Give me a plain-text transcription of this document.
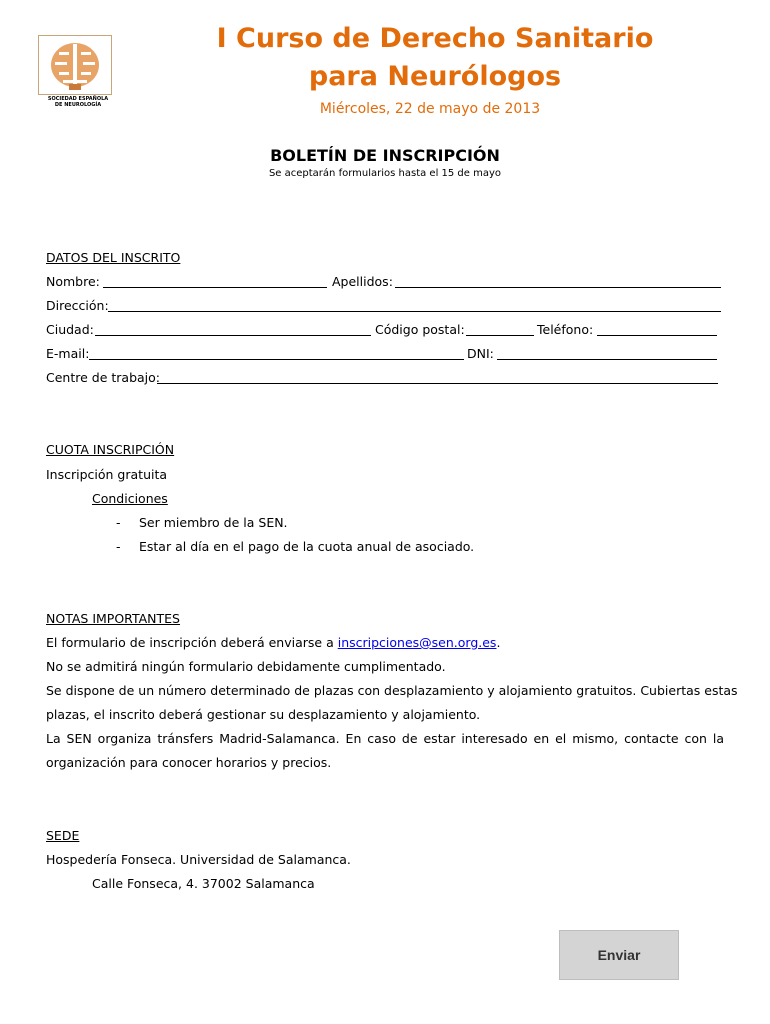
SOCIEDAD ESPAÑOLA
DE NEUROLOGÍA
I Curso de Derecho Sanitario
para Neurólogos
Miércoles, 22 de mayo de 2013
BOLETÍN DE INSCRIPCIÓN
Se aceptarán formularios hasta el 15 de mayo
DATOS DEL INSCRITO
Nombre:	Apellidos:
Dirección:
Ciudad:	Código postal:	Teléfono:
E-mail:	DNI:
Centre de trabajo:
CUOTA INSCRIPCIÓN
Inscripción gratuita
Condiciones
- Ser miembro de la SEN.
- Estar al día en el pago de la cuota anual de asociado.
NOTAS IMPORTANTES
El formulario de inscripción deberá enviarse a inscripciones@sen.org.es.
No se admitirá ningún formulario debidamente cumplimentado.
Se dispone de un número determinado de plazas con desplazamiento y alojamiento gratuitos. Cubiertas estas
plazas, el inscrito deberá gestionar su desplazamiento y alojamiento.
La SEN organiza tránsfers Madrid-Salamanca. En caso de estar interesado en el mismo, contacte con la
organización para conocer horarios y precios.
SEDE
Hospedería Fonseca. Universidad de Salamanca.
Calle Fonseca, 4. 37002 Salamanca
Enviar
